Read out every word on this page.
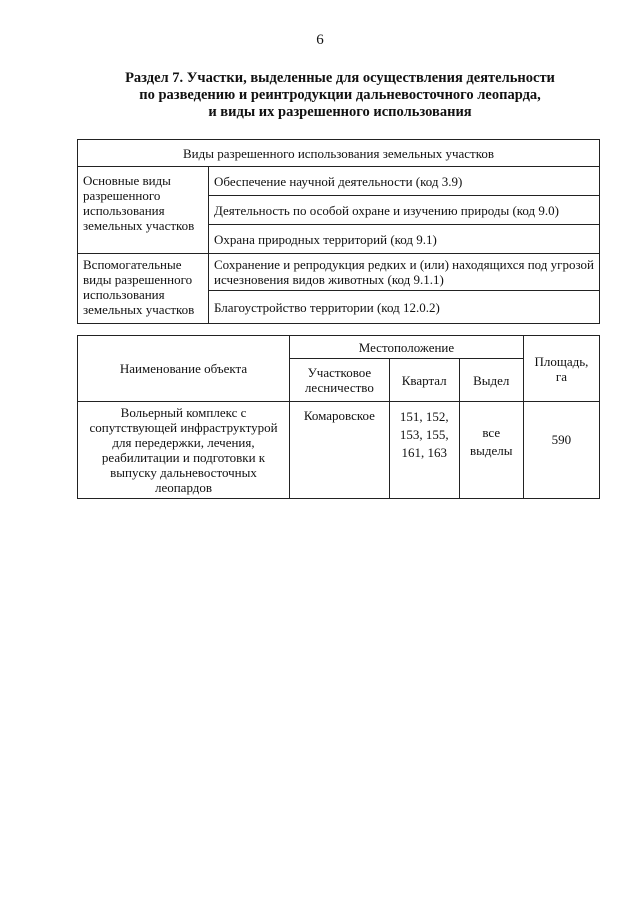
6
Раздел 7. Участки, выделенные для осуществления деятельности
по разведению и реинтродукции дальневосточного леопарда,
и виды их разрешенного использования
Виды разрешенного использования земельных участков	
Основные виды разрешенного использования земельных участков	Обеспечение научной деятельности (код 3.9)
	Деятельность по особой охране и изучению природы (код 9.0)
	Охрана природных территорий (код 9.1)
Вспомогательные виды разрешенного использования земельных участков	Сохранение и репродукция редких и (или) находящихся под угрозой исчезновения видов животных (код 9.1.1)
	Благоустройство территории (код 12.0.2)
Наименование объекта	Местоположение			Площадь, га
	Участковое лесничество	Квартал	Выдел	
Вольерный комплекс с сопутствующей инфраструктурой для передержки, лечения, реабилитации и подготовки к выпуску дальневосточных леопардов	Комаровское	151, 152, 153, 155, 161, 163	все выделы	590
